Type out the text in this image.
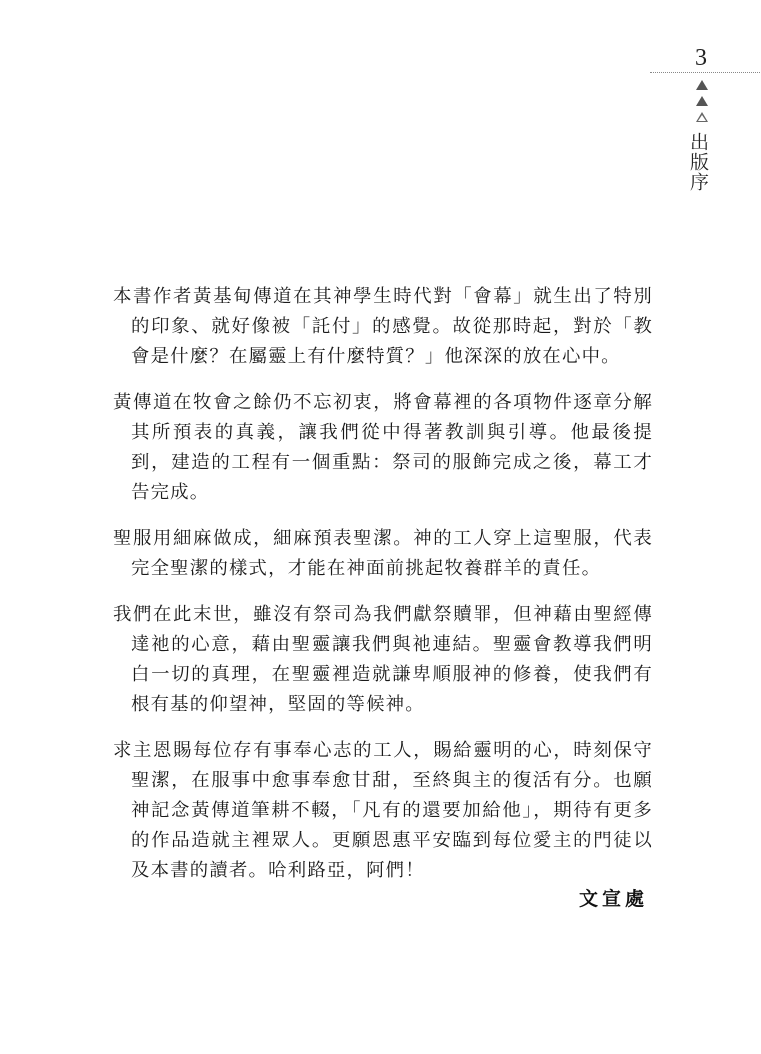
3
出版序

本書作者黃基甸傳道在其神學生時代對「會幕」就生出了特別的印象、就好像被「託付」的感覺。故從那時起，對於「教會是什麼？在屬靈上有什麼特質？」他深深的放在心中。

黃傳道在牧會之餘仍不忘初衷，將會幕裡的各項物件逐章分解其所預表的真義，讓我們從中得著教訓與引導。他最後提到，建造的工程有一個重點：祭司的服飾完成之後，幕工才告完成。

聖服用細麻做成，細麻預表聖潔。神的工人穿上這聖服，代表完全聖潔的樣式，才能在神面前挑起牧養群羊的責任。

我們在此末世，雖沒有祭司為我們獻祭贖罪，但神藉由聖經傳達祂的心意，藉由聖靈讓我們與祂連結。聖靈會教導我們明白一切的真理，在聖靈裡造就謙卑順服神的修養，使我們有根有基的仰望神，堅固的等候神。

求主恩賜每位存有事奉心志的工人，賜給靈明的心，時刻保守聖潔，在服事中愈事奉愈甘甜，至終與主的復活有分。也願神記念黃傳道筆耕不輟，「凡有的還要加給他」，期待有更多的作品造就主裡眾人。更願恩惠平安臨到每位愛主的門徒以及本書的讀者。哈利路亞，阿們！

文宣處
